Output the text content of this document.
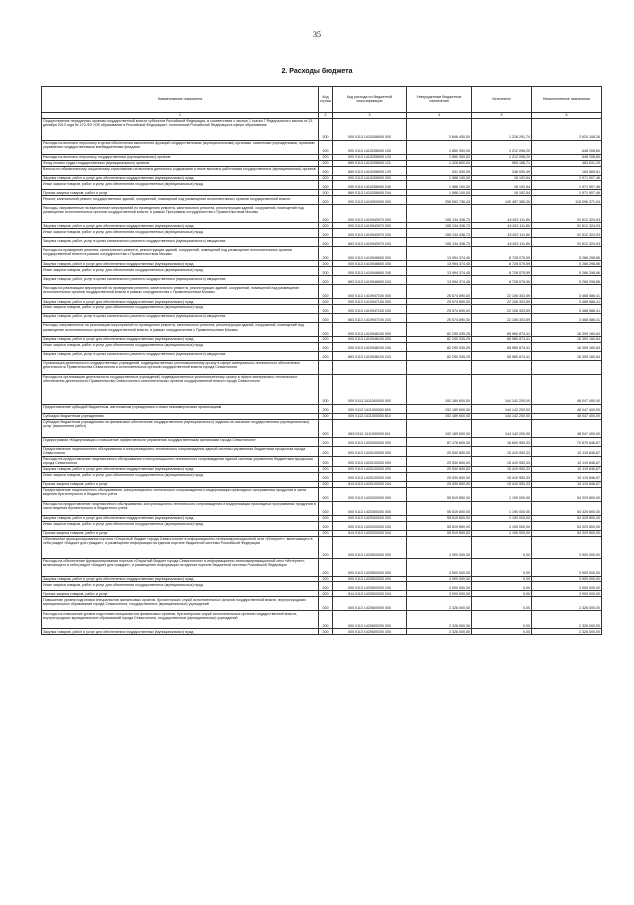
35
2. Расходы бюджета
Наименование показателя	Код строки	Код расхода по бюджетной классификации	Утвержденные бюджетные назначения	Исполнено	Неисполненные назначения
1	2	3	4	5	6
Осуществление переданных органам государственной власти субъектов Российской Федерации, в соответствии с частью 1 статьи 7 Федерального закона от 23 декабря 2013 года № 273-ФЗ «Об образовании в Российской Федерации», полномочий Российской Федерации в сфере образования	200	000 0113 1410258900 000	3 846 400,00	1 226 291,74	2 620 108,26
Расходы на выплаты персоналу в целях обеспечения выполнения функций государственными (муниципальными) органами, казенными учреждениями, органами управления государственными внебюджетными фондами	200	000 0113 1410258900 100	1 850 300,00	1 212 096,20	648 208,80
Расходы на выплаты персоналу государственных (муниципальных) органов	200	000 0113 1410258900 120	1 850 300,00	1 212 096,20	648 208,80
Фонд оплаты труда государственных (муниципальных) органов	200	869 0113 1410258900 121	1 428 800,00	965 168,71	463 631,29
Взносы по обязательному социальному страхованию на выплаты денежного содержания и иные выплаты работникам государственных (муниципальных) органов	200	869 0113 1410258900 129	431 500,00	246 930,49	184 569,51
Закупка товаров, работ и услуг для обеспечения государственных (муниципальных) нужд	200	000 0113 1410258900 200	1 988 100,00	16 192,54	1 971 907,46
Иные закупки товаров, работ и услуг для обеспечения государственных (муниципальных) нужд	200	000 0113 1410258900 240	1 988 100,00	16 192,54	1 971 907,46
Прочая закупка товаров, работ и услуг	200	869 0113 1410258900 244	1 988 100,00	16 192,54	1 971 907,46
Ремонт, капитальный ремонт государственных зданий, сооружений, помещений под размещение исполнительных органов государственной власти	200	000 0113 1410900000 000	256 553 736,43	140 457 365,39	116 096 371,04
Расходы, направленные на выполнение мероприятий по проведению ремонта, капитального ремонта, реконструкции зданий, сооружений, помещений под размещение исполнительных органов государственной власти, в рамках Программы сотрудничества с Правительством Москвы	200	000 0113 1410943970 000	155 134 436,73	43 622 111,80	91 512 324,93
Закупка товаров, работ и услуг для обеспечения государственных (муниципальных) нужд	200	000 0113 1410943970 200	155 134 436,73	43 622 111,80	91 512 324,93
Иные закупки товаров, работ и услуг для обеспечения государственных (муниципальных) нужд	200	000 0113 1410943970 240	155 134 436,73	43 622 111,80	91 512 324,93
Закупка товаров, работ, услуг в целях капитального ремонта государственного (муниципального) имущества	200	863 0113 1410943970 243	155 134 436,73	43 622 111,80	91 512 324,93
Расходы на проведение ремонта, капитального ремонта, реконструкции зданий, сооружений, помещений под размещение исполнительных органов государственной власти в рамках сотрудничества с Правительством Москвы	200	000 0113 1410946600 000	13 994 374,45	8 728 075,59	5 266 298,86
Закупка товаров, работ и услуг для обеспечения государственных (муниципальных) нужд	200	000 0113 1410946600 200	13 994 374,45	8 728 075,59	5 266 298,86
Иные закупки товаров, работ и услуг для обеспечения государственных (муниципальных) нужд	200	000 0113 1410946600 240	13 994 374,45	8 728 075,59	5 266 298,86
Закупка товаров, работ, услуг в целях капитального ремонта государственного (муниципального) имущества	200	863 0113 1410946600 243	13 994 374,45	8 728 075,59	5 266 298,86
Расходы на реализацию мероприятий по проведению ремонта, капитального ремонта, реконструкции зданий, сооружений, помещений под размещение исполнительных органов государственной власти в рамках сотрудничества с Правительством Москвы	200	000 0113 1410947100 000	25 574 890,00	22 106 303,59	3 468 586,41
Закупка товаров, работ и услуг для обеспечения государственных (муниципальных) нужд	200	000 0113 1410947100 200	25 574 890,00	22 106 303,59	3 468 586,41
Иные закупки товаров, работ и услуг для обеспечения государственных (муниципальных) нужд	200	000 0113 1410947100 240	25 574 890,00	22 106 303,59	3 468 586,41
Закупка товаров, работ, услуг в целях капитального ремонта государственного (муниципального) имущества	200	863 0113 1410947100 243	25 574 890,00	22 106 303,59	3 468 586,41
Расходы, направленные на реализацию мероприятий по проведению ремонта, капитального ремонта, реконструкции зданий, сооружений, помещений под размещение исполнительных органов государственной власти, в рамках сотрудничества с Правительством Москвы	200	000 0113 1410948100 000	82 290 035,25	65 980 874,41	16 309 160,84
Закупка товаров, работ и услуг для обеспечения государственных (муниципальных) нужд	200	000 0113 1410948100 200	82 290 035,25	65 980 874,41	16 309 160,84
Иные закупки товаров, работ и услуг для обеспечения государственных (муниципальных) нужд	200	000 0113 1410948100 240	82 290 035,25	65 980 874,41	16 309 160,84
Закупка товаров, работ, услуг в целях капитального ремонта государственного (муниципального) имущества	200	863 0113 1410948100 243	82 290 035,25	65 980 874,41	16 309 160,84
Организация деятельности государственных учреждений, подведомственных уполномоченному органу в сфере материально-технического обеспечения деятельности Правительства Севастополя и исполнительных органов государственной власти города Севастополя					
Расходы на организацию деятельности государственных учреждений, подведомственных уполномоченному органу в сфере материально-технического обеспечения деятельности Правительства Севастополя и исполнительных органов государственной власти города Севастополя	200	000 0113 1411000000 000	192 189 600,00	144 142 200,00	48 047 400,00
Предоставление субсидий бюджетным, автономным учреждениям и иным некоммерческим организациям	200	000 0113 1411000000 600	192 189 600,00	144 142 200,00	48 047 400,00
Субсидии бюджетным учреждениям	200	000 0113 1411000000 610	192 189 600,00	144 142 200,00	48 047 400,00
Субсидии бюджетным учреждениям на финансовое обеспечение государственного (муниципального) задания на оказание государственных (муниципальных) услуг (выполнение работ)	200	863 0113 1411000000 611	192 189 600,00	144 142 200,00	48 047 400,00
Подпрограмма «Модернизация и повышение эффективности управления государственными финансами города Севастополя»	200	000 0113 1420000000 000	87 276 600,00	16 600 953,33	70 675 646,67
Предоставление лицензионного обслуживания и консультационно-технического сопровождения единой системы управления бюджетным процессом города Севастополя	200	000 0113 1420100000 000	25 530 800,00	15 410 953,33	10 119 846,67
Расходы на предоставление лицензионного обслуживания и консультационно-технического сопровождения единой системы управления бюджетным процессом города Севастополя	200	000 0113 1420100200 000	25 530 800,00	15 410 953,33	10 119 846,67
Закупка товаров, работ и услуг для обеспечения государственных (муниципальных) нужд	200	000 0113 1420100200 200	25 530 800,00	15 410 953,33	10 119 846,67
Иные закупки товаров, работ и услуг для обеспечения государственных (муниципальных) нужд	200	000 0113 1420100200 240	25 530 800,00	15 410 953,33	10 119 846,67
Прочая закупка товаров, работ и услуг	200	814 0113 1420100200 244	25 530 800,00	15 410 953,33	10 119 846,67
Предоставление лицензионного обслуживания, консультационно-технического сопровождения и модернизации прикладных программных продуктов в части ведения бухгалтерского и бюджетного учета	200	000 0113 1420300000 000	55 519 800,00	1 190 000,00	54 329 800,00
Расходы на предоставление лицензионного обслуживания, консультационно-технического сопровождения и модернизации прикладных программных продуктов в части ведения бухгалтерского и бюджетного учета	200	000 0113 1420300200 000	55 519 800,00	1 190 000,00	54 329 800,00
Закупка товаров, работ и услуг для обеспечения государственных (муниципальных) нужд	200	000 0113 1420300200 200	55 519 800,00	1 190 000,00	54 329 800,00
Иные закупки товаров, работ и услуг для обеспечения государственных (муниципальных) нужд	200	000 0113 1420300200 240	55 519 800,00	1 190 000,00	54 329 800,00
Прочая закупка товаров, работ и услуг	200	814 0113 1420300200 244	55 519 800,00	1 190 000,00	54 329 800,00
Обеспечение функционирования портала «Открытый бюджет города Севастополя» в информационно-телекоммуникационной сети «Интернет», включающего в себя раздел «Бюджет для граждан», и размещение информации на едином портале бюджетной системы Российской Федерации	200	000 0113 1420500000 000	3 900 000,00	0,00	3 900 000,00
Расходы на обеспечение функционирования портала «Открытый бюджет города Севастополя» в информационно-телекоммуникационной сети «Интернет», включающего в себя раздел «Бюджет для граждан», и размещение информации на едином портале бюджетной системы Российской Федерации	200	000 0113 1420500200 000	3 900 000,00	0,00	3 900 000,00
Закупка товаров, работ и услуг для обеспечения государственных (муниципальных) нужд	200	000 0113 1420500200 200	3 900 000,00	0,00	3 900 000,00
Иные закупки товаров, работ и услуг для обеспечения государственных (муниципальных) нужд	200	000 0113 1420500200 240	3 900 000,00	0,00	3 900 000,00
Прочая закупка товаров, работ и услуг	200	814 0113 1420500200 244	3 900 000,00	0,00	3 900 000,00
Повышение уровня подготовки специалистов финансовых органов, бухгалтерских служб исполнительных органов государственной власти, внутригородских муниципальных образований города Севастополя, государственных (муниципальных) учреждений	200	000 0113 1420600000 000	2 326 000,00	0,00	2 326 000,00
Расходы на повышение уровня подготовки специалистов финансовых органов, бухгалтерских служб исполнительных органов государственной власти, внутригородских муниципальных образований города Севастополя, государственных (муниципальных) учреждений	200	000 0113 1420600200 000	2 326 000,00	0,00	2 326 000,00
Закупка товаров, работ и услуг для обеспечения государственных (муниципальных) нужд	200	000 0113 1420600200 200	2 326 000,00	0,00	2 326 000,00
